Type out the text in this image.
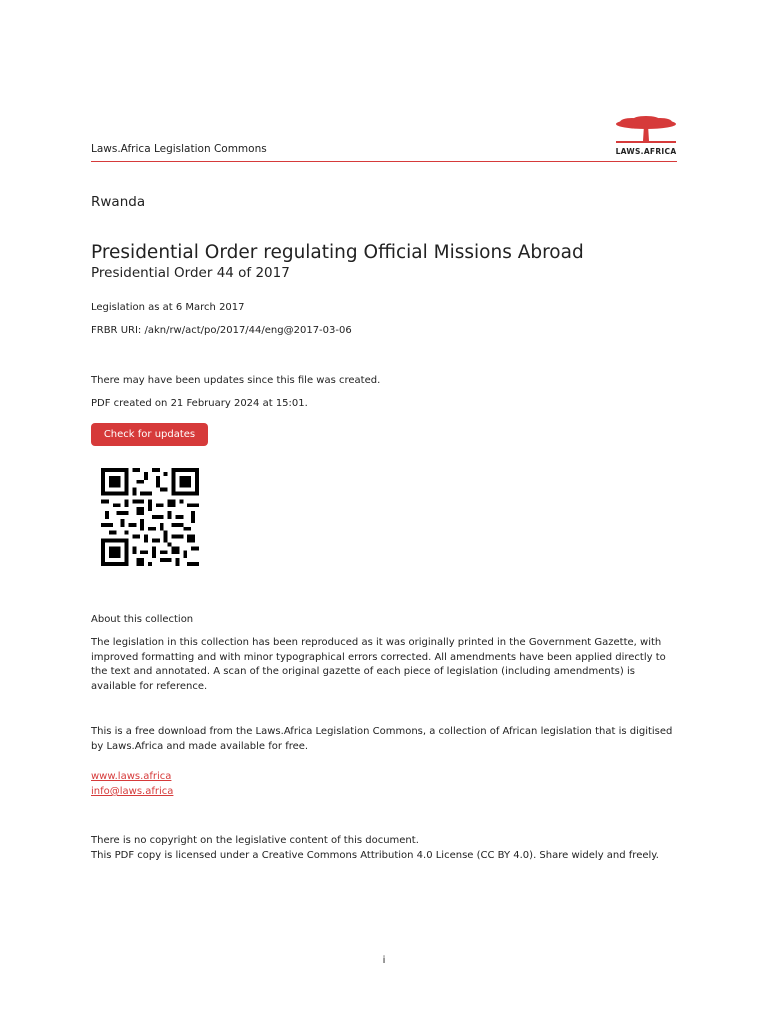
Laws.Africa Legislation Commons	LAWS.AFRICA
Rwanda
Presidential Order regulating Official Missions Abroad
Presidential Order 44 of 2017
Legislation as at 6 March 2017
FRBR URI: /akn/rw/act/po/2017/44/eng@2017-03-06
There may have been updates since this file was created.
PDF created on 21 February 2024 at 15:01.
Check for updates
About this collection
The legislation in this collection has been reproduced as it was originally printed in the Government Gazette, with improved formatting and with minor typographical errors corrected. All amendments have been applied directly to the text and annotated. A scan of the original gazette of each piece of legislation (including amendments) is available for reference.
This is a free download from the Laws.Africa Legislation Commons, a collection of African legislation that is digitised by Laws.Africa and made available for free.
www.laws.africa
info@laws.africa
There is no copyright on the legislative content of this document.
This PDF copy is licensed under a Creative Commons Attribution 4.0 License (CC BY 4.0). Share widely and freely.
i
